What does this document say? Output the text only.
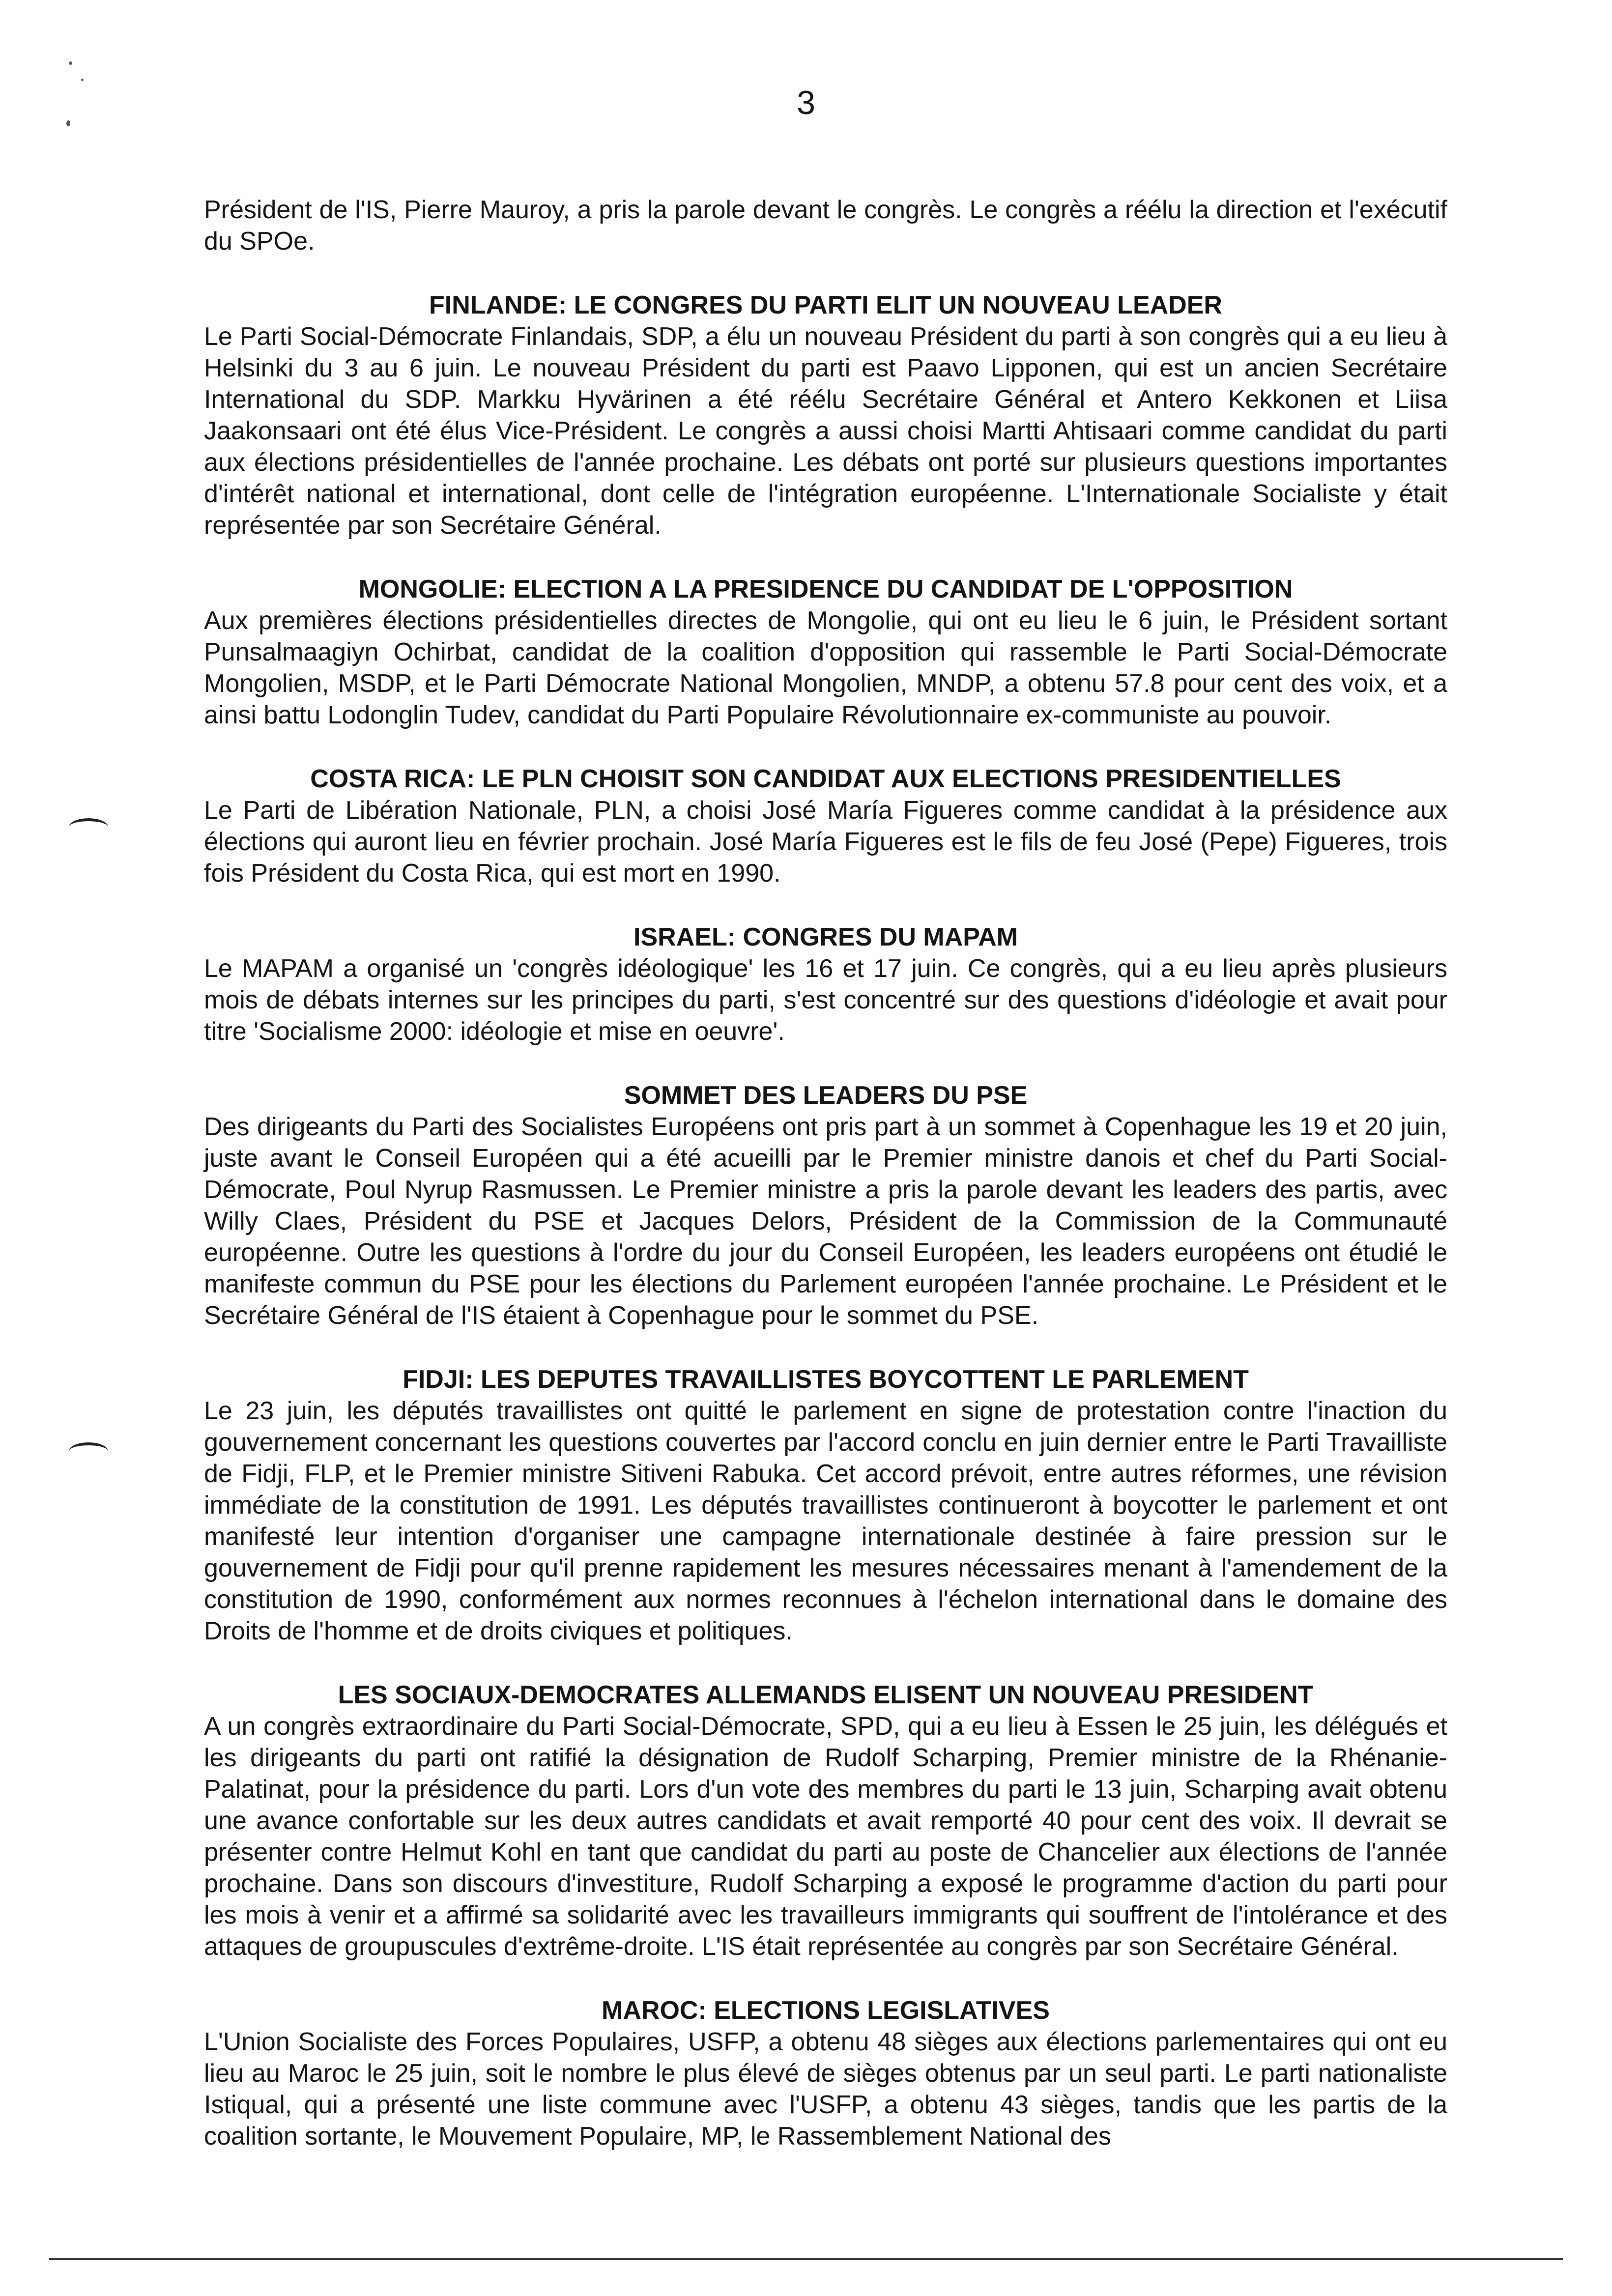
3

Président de l'IS, Pierre Mauroy, a pris la parole devant le congrès. Le congrès a réélu la direction et l'exécutif du SPOe.

FINLANDE: LE CONGRES DU PARTI ELIT UN NOUVEAU LEADER

Le Parti Social-Démocrate Finlandais, SDP, a élu un nouveau Président du parti à son congrès qui a eu lieu à Helsinki du 3 au 6 juin. Le nouveau Président du parti est Paavo Lipponen, qui est un ancien Secrétaire International du SDP. Markku Hyvärinen a été réélu Secrétaire Général et Antero Kekkonen et Liisa Jaakonsaari ont été élus Vice-Président. Le congrès a aussi choisi Martti Ahtisaari comme candidat du parti aux élections présidentielles de l'année prochaine. Les débats ont porté sur plusieurs questions importantes d'intérêt national et international, dont celle de l'intégration européenne. L'Internationale Socialiste y était représentée par son Secrétaire Général.

MONGOLIE: ELECTION A LA PRESIDENCE DU CANDIDAT DE L'OPPOSITION

Aux premières élections présidentielles directes de Mongolie, qui ont eu lieu le 6 juin, le Président sortant Punsalmaagiyn Ochirbat, candidat de la coalition d'opposition qui rassemble le Parti Social-Démocrate Mongolien, MSDP, et le Parti Démocrate National Mongolien, MNDP, a obtenu 57.8 pour cent des voix, et a ainsi battu Lodonglin Tudev, candidat du Parti Populaire Révolutionnaire ex-communiste au pouvoir.

COSTA RICA: LE PLN CHOISIT SON CANDIDAT AUX ELECTIONS PRESIDENTIELLES

Le Parti de Libération Nationale, PLN, a choisi José María Figueres comme candidat à la présidence aux élections qui auront lieu en février prochain. José María Figueres est le fils de feu José (Pepe) Figueres, trois fois Président du Costa Rica, qui est mort en 1990.

ISRAEL: CONGRES DU MAPAM

Le MAPAM a organisé un 'congrès idéologique' les 16 et 17 juin. Ce congrès, qui a eu lieu après plusieurs mois de débats internes sur les principes du parti, s'est concentré sur des questions d'idéologie et avait pour titre 'Socialisme 2000: idéologie et mise en oeuvre'.

SOMMET DES LEADERS DU PSE

Des dirigeants du Parti des Socialistes Européens ont pris part à un sommet à Copenhague les 19 et 20 juin, juste avant le Conseil Européen qui a été acueilli par le Premier ministre danois et chef du Parti Social-Démocrate, Poul Nyrup Rasmussen. Le Premier ministre a pris la parole devant les leaders des partis, avec Willy Claes, Président du PSE et Jacques Delors, Président de la Commission de la Communauté européenne. Outre les questions à l'ordre du jour du Conseil Européen, les leaders européens ont étudié le manifeste commun du PSE pour les élections du Parlement européen l'année prochaine. Le Président et le Secrétaire Général de l'IS étaient à Copenhague pour le sommet du PSE.

FIDJI: LES DEPUTES TRAVAILLISTES BOYCOTTENT LE PARLEMENT

Le 23 juin, les députés travaillistes ont quitté le parlement en signe de protestation contre l'inaction du gouvernement concernant les questions couvertes par l'accord conclu en juin dernier entre le Parti Travailliste de Fidji, FLP, et le Premier ministre Sitiveni Rabuka. Cet accord prévoit, entre autres réformes, une révision immédiate de la constitution de 1991. Les députés travaillistes continueront à boycotter le parlement et ont manifesté leur intention d'organiser une campagne internationale destinée à faire pression sur le gouvernement de Fidji pour qu'il prenne rapidement les mesures nécessaires menant à l'amendement de la constitution de 1990, conformément aux normes reconnues à l'échelon international dans le domaine des Droits de l'homme et de droits civiques et politiques.

LES SOCIAUX-DEMOCRATES ALLEMANDS ELISENT UN NOUVEAU PRESIDENT

A un congrès extraordinaire du Parti Social-Démocrate, SPD, qui a eu lieu à Essen le 25 juin, les délégués et les dirigeants du parti ont ratifié la désignation de Rudolf Scharping, Premier ministre de la Rhénanie-Palatinat, pour la présidence du parti. Lors d'un vote des membres du parti le 13 juin, Scharping avait obtenu une avance confortable sur les deux autres candidats et avait remporté 40 pour cent des voix. Il devrait se présenter contre Helmut Kohl en tant que candidat du parti au poste de Chancelier aux élections de l'année prochaine. Dans son discours d'investiture, Rudolf Scharping a exposé le programme d'action du parti pour les mois à venir et a affirmé sa solidarité avec les travailleurs immigrants qui souffrent de l'intolérance et des attaques de groupuscules d'extrême-droite. L'IS était représentée au congrès par son Secrétaire Général.

MAROC: ELECTIONS LEGISLATIVES

L'Union Socialiste des Forces Populaires, USFP, a obtenu 48 sièges aux élections parlementaires qui ont eu lieu au Maroc le 25 juin, soit le nombre le plus élevé de sièges obtenus par un seul parti. Le parti nationaliste Istiqual, qui a présenté une liste commune avec l'USFP, a obtenu 43 sièges, tandis que les partis de la coalition sortante, le Mouvement Populaire, MP, le Rassemblement National des
